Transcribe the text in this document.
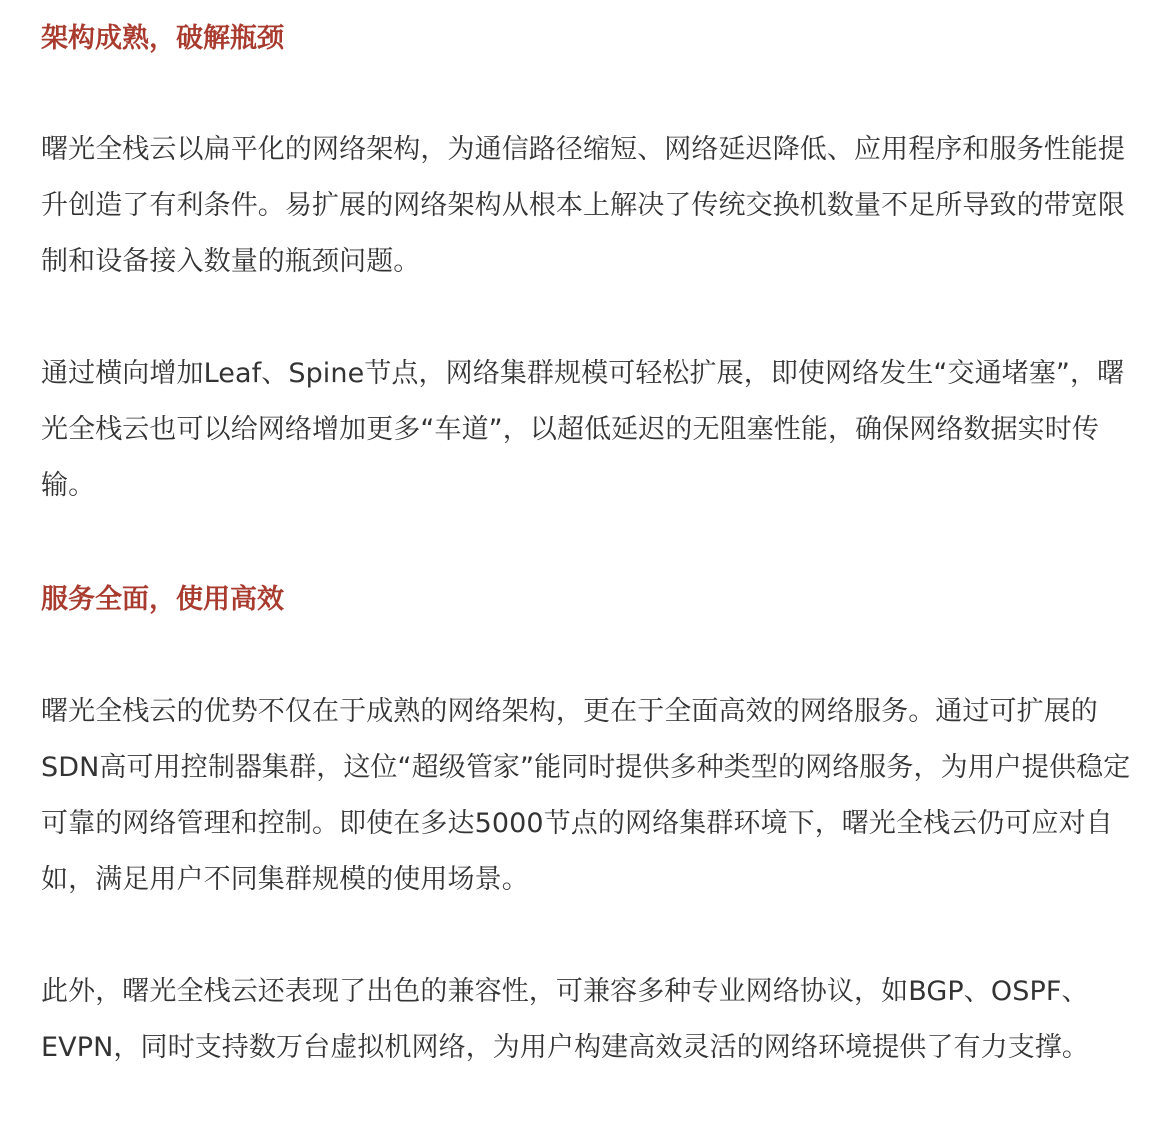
架构成熟，破解瓶颈

曙光全栈云以扁平化的网络架构，为通信路径缩短、网络延迟降低、应用程序和服务性能提升创造了有利条件。易扩展的网络架构从根本上解决了传统交换机数量不足所导致的带宽限制和设备接入数量的瓶颈问题。

通过横向增加Leaf、Spine节点，网络集群规模可轻松扩展，即使网络发生“交通堵塞”，曙光全栈云也可以给网络增加更多“车道”，以超低延迟的无阻塞性能，确保网络数据实时传输。

服务全面，使用高效

曙光全栈云的优势不仅在于成熟的网络架构，更在于全面高效的网络服务。通过可扩展的SDN高可用控制器集群，这位“超级管家”能同时提供多种类型的网络服务，为用户提供稳定可靠的网络管理和控制。即使在多达5000节点的网络集群环境下，曙光全栈云仍可应对自如，满足用户不同集群规模的使用场景。

此外，曙光全栈云还表现了出色的兼容性，可兼容多种专业网络协议，如BGP、OSPF、EVPN，同时支持数万台虚拟机网络，为用户构建高效灵活的网络环境提供了有力支撑。
